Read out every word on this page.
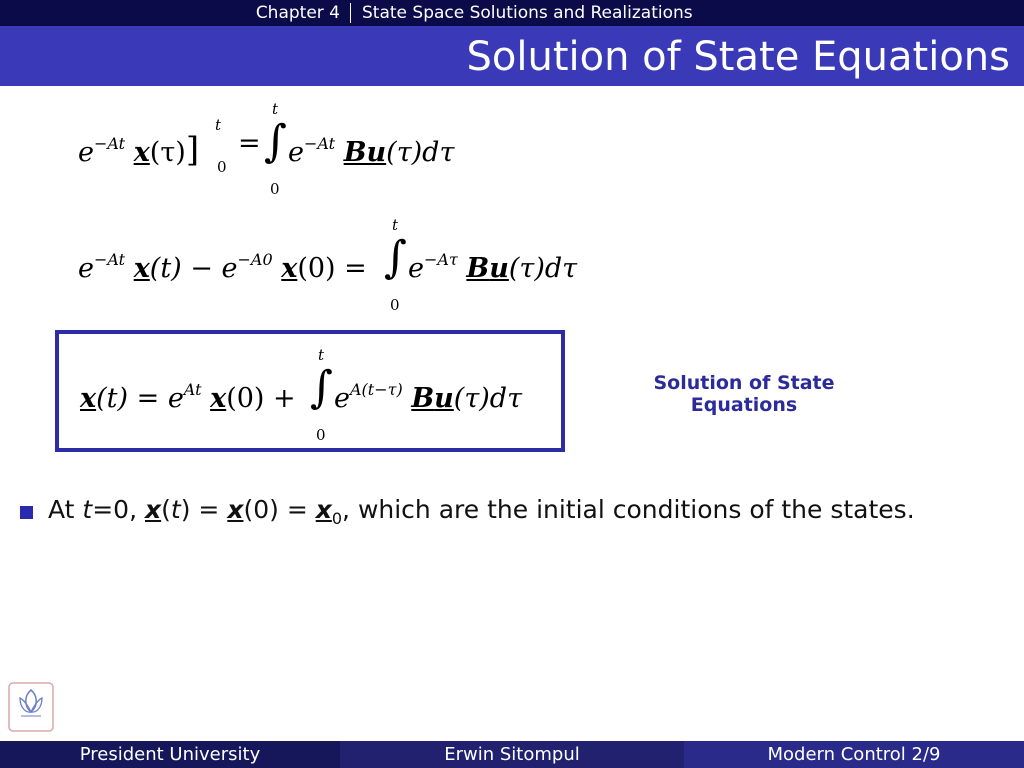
Chapter 4	State Space Solutions and Realizations
Solution of State Equations
$e^{-At}$ x(τ)]
t
0
=
t
∫
0
$e^{-At}$ Bu(τ)dτ
$e^{-At}$ $x(t) - e^{-A0}$ x(0) =
t
∫
0
$e^{-A\tau}$ Bu(τ)dτ
$x(t) = e^{At}$ x(0) +
t
∫
0
$e^{A(t-\tau)}$ Bu(τ)dτ	Solution of State Equations
At t=0, $x(t) = x(0) = x_0$, which are the initial conditions of the states.
President University	Erwin Sitompul	Modern Control 2/9
